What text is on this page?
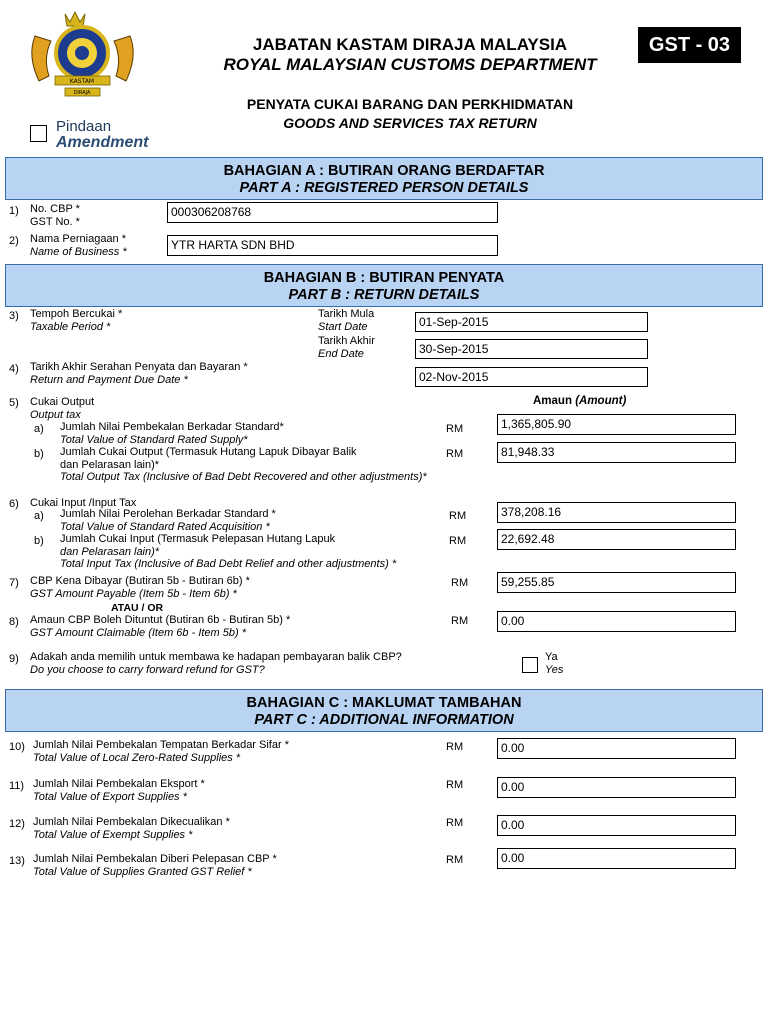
KASTAM
DIRAJA
JABATAN KASTAM DIRAJA MALAYSIA
ROYAL MALAYSIAN CUSTOMS DEPARTMENT
PENYATA CUKAI BARANG DAN PERKHIDMATAN
GOODS AND SERVICES TAX RETURN
GST - 03
Pindaan
Amendment
BAHAGIAN A : BUTIRAN ORANG BERDAFTAR
PART A : REGISTERED PERSON DETAILS
1) No. CBP *
GST No. *
000306208768
2) Nama Perniagaan *
Name of Business *	YTR HARTA SDN BHD
BAHAGIAN B : BUTIRAN PENYATA
PART B : RETURN DETAILS
3) Tempoh Bercukai *
Taxable Period *
Tarikh Mula
Start Date	01-Sep-2015
Tarikh Akhir
End Date	30-Sep-2015
4) Tarikh Akhir Serahan Penyata dan Bayaran *
Return and Payment Due Date *	02-Nov-2015
Amaun (Amount)
5) Cukai Output
Output tax
a) Jumlah Nilai Pembekalan Berkadar Standard*
Total Value of Standard Rated Supply*
RM	1,365,805.90
b) Jumlah Cukai Output (Termasuk Hutang Lapuk Dibayar Balik
dan Pelarasan lain)*
Total Output Tax (Inclusive of Bad Debt Recovered and other adjustments)*
RM	81,948.33
6) Cukai Input /Input Tax
a) Jumlah Nilai Perolehan Berkadar Standard *
Total Value of Standard Rated Acquisition *
RM	378,208.16
b) Jumlah Cukai Input (Termasuk Pelepasan Hutang Lapuk
dan Pelarasan lain)*
Total Input Tax (Inclusive of Bad Debt Relief and other adjustments) *
RM	22,692.48
7) CBP Kena Dibayar (Butiran 5b - Butiran 6b) *
GST Amount Payable (Item 5b - Item 6b) *
RM	59,255.85
ATAU / OR
8) Amaun CBP Boleh Dituntut (Butiran 6b - Butiran 5b) *
GST Amount Claimable (Item 6b - Item 5b) *
RM	0.00
9) Adakah anda memilih untuk membawa ke hadapan pembayaran balik CBP?
Do you choose to carry forward refund for GST?
Ya
Yes
BAHAGIAN C : MAKLUMAT TAMBAHAN
PART C : ADDITIONAL INFORMATION
10) Jumlah Nilai Pembekalan Tempatan Berkadar Sifar *
Total Value of Local Zero-Rated Supplies *
RM	0.00
11) Jumlah Nilai Pembekalan Eksport *
Total Value of Export Supplies *
RM	0.00
12) Jumlah Nilai Pembekalan Dikecualikan *
Total Value of Exempt Supplies *
RM	0.00
13) Jumlah Nilai Pembekalan Diberi Pelepasan CBP *
Total Value of Supplies Granted GST Relief *
RM	0.00
